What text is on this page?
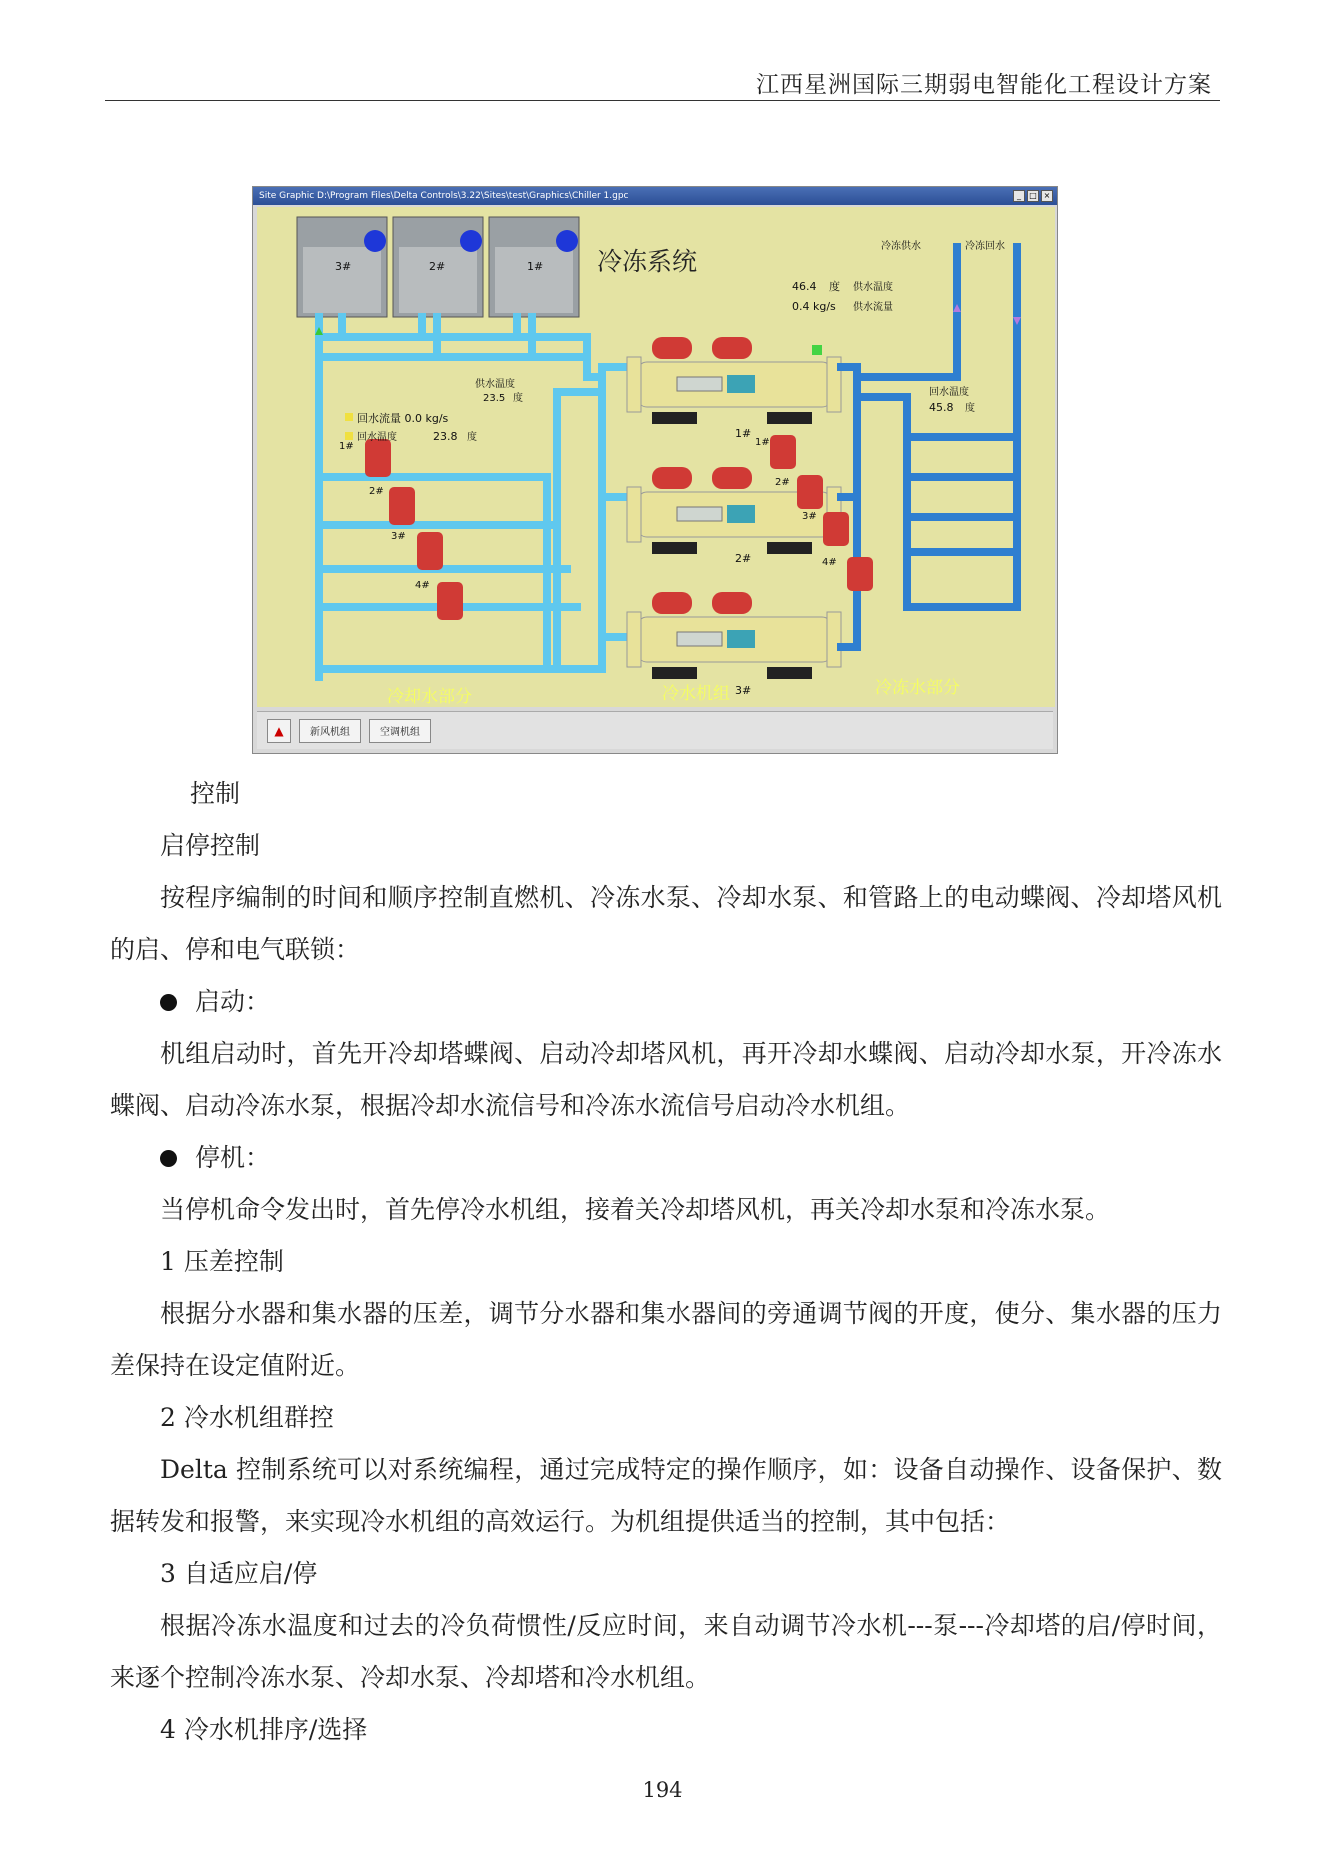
江西星洲国际三期弱电智能化工程设计方案
Site Graphic D:\Program Files\Delta Controls\3.22\Sites\test\Graphics\Chiller 1.gpc	_	□ ×
冷冻系统
3#	2#	1#
1#
2#
3#
1#
2#
3#
4#
1#
2#
3#
4#
冷冻供水	冷冻回水
46.4 度 供水温度
0.4 kg/s 供水流量
供水温度
23.5 度
回水流量 0.0 kg/s
回水温度	23.8 度
回水温度
45.8 度
冷却水部分	冷水机组	冷冻水部分
▲	新风机组	空调机组

控制

启停控制

按程序编制的时间和顺序控制直燃机、冷冻水泵、冷却水泵、和管路上的电动蝶阀、冷却塔风机的启、停和电气联锁：

启动：

机组启动时，首先开冷却塔蝶阀、启动冷却塔风机，再开冷却水蝶阀、启动冷却水泵，开冷冻水蝶阀、启动冷冻水泵，根据冷却水流信号和冷冻水流信号启动冷水机组。

停机：

当停机命令发出时，首先停冷水机组，接着关冷却塔风机，再关冷却水泵和冷冻水泵。

1 压差控制

根据分水器和集水器的压差，调节分水器和集水器间的旁通调节阀的开度，使分、集水器的压力差保持在设定值附近。

2 冷水机组群控

Delta 控制系统可以对系统编程，通过完成特定的操作顺序，如：设备自动操作、设备保护、数据转发和报警，来实现冷水机组的高效运行。为机组提供适当的控制，其中包括：

3 自适应启/停

根据冷冻水温度和过去的冷负荷惯性/反应时间，来自动调节冷水机---泵---冷却塔的启/停时间，来逐个控制冷冻水泵、冷却水泵、冷却塔和冷水机组。

4 冷水机排序/选择

194
